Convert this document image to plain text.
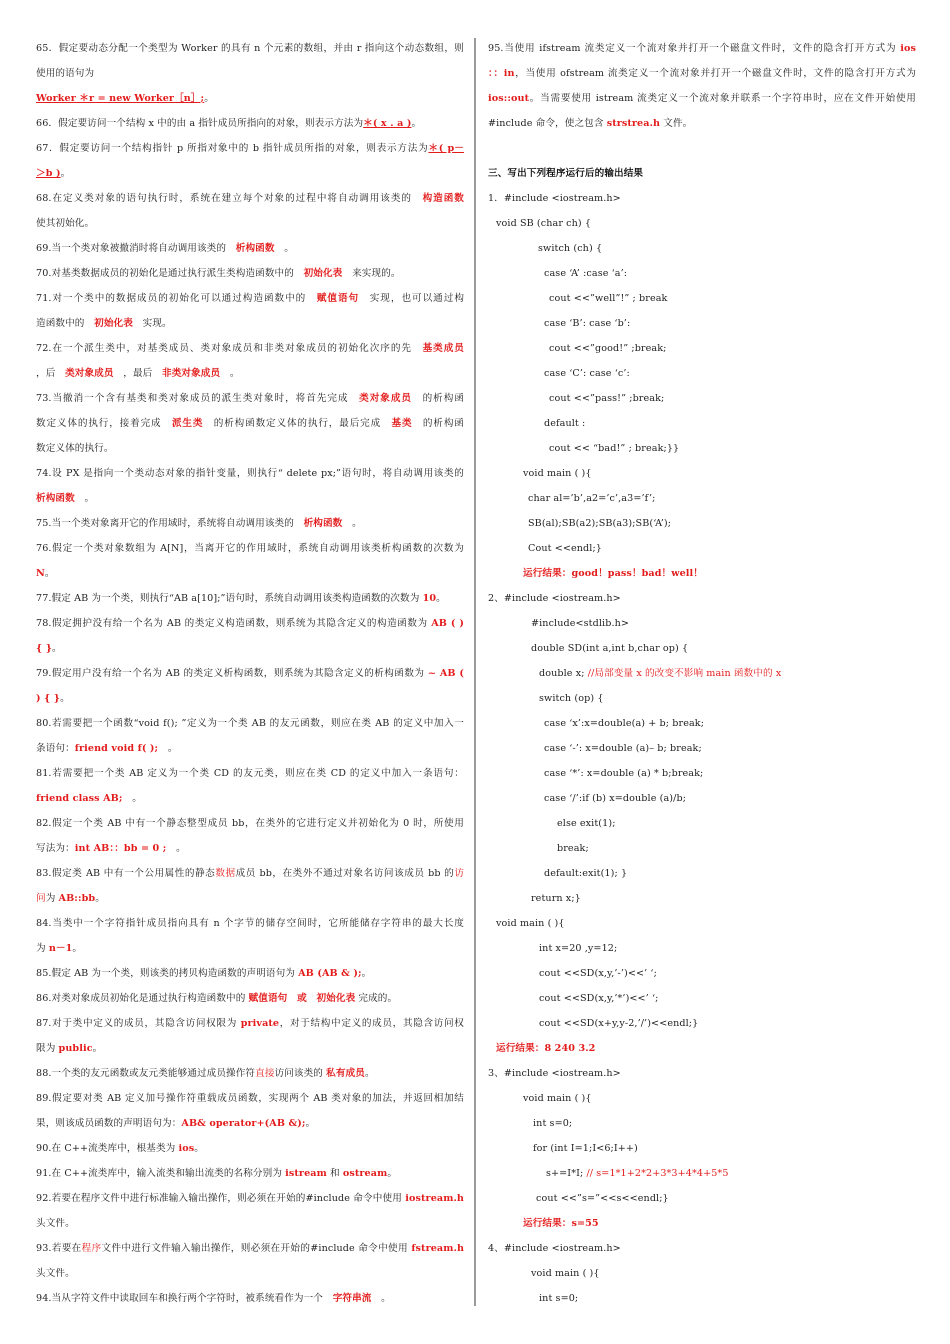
65．假定要动态分配一个类型为 Worker 的具有 n 个元素的数组，并由 r 指向这个动态数组，则
使用的语句为
Worker ＊r = new Worker［n］;。
66．假定要访问一个结构 x 中的由 a 指针成员所指向的对象，则表示方法为＊( x . a )。
67．假定要访问一个结构指针 p 所指对象中的 b 指针成员所指的对象，则表示方法为＊( p－
＞b )。
68.在定义类对象的语句执行时，系统在建立每个对象的过程中将自动调用该类的　构造函数
使其初始化。
69.当一个类对象被撤消时将自动调用该类的　析构函数　。
70.对基类数据成员的初始化是通过执行派生类构造函数中的　初始化表　来实现的。
71.对一个类中的数据成员的初始化可以通过构造函数中的　赋值语句　实现，也可以通过构
造函数中的　初始化表　实现。
72.在一个派生类中，对基类成员、类对象成员和非类对象成员的初始化次序的先　基类成员
，后　类对象成员　，最后　非类对象成员　。
73.当撤消一个含有基类和类对象成员的派生类对象时，将首先完成　类对象成员　的析构函
数定义体的执行，接着完成　派生类　的析构函数定义体的执行，最后完成　基类　的析构函
数定义体的执行。
74.设 PX 是指向一个类动态对象的指针变量，则执行“ delete px;”语句时，将自动调用该类的
析构函数　。
75.当一个类对象离开它的作用域时，系统将自动调用该类的　析构函数　。
76.假定一个类对象数组为 A[N]，当离开它的作用域时，系统自动调用该类析构函数的次数为
N。
77.假定 AB 为一个类，则执行“AB a[10];”语句时，系统自动调用该类构造函数的次数为 10。
78.假定拥护没有给一个名为 AB 的类定义构造函数，则系统为其隐含定义的构造函数为 AB ( )
{ }。
79.假定用户没有给一个名为 AB 的类定义析构函数，则系统为其隐含定义的析构函数为 ~ AB (
) { }。
80.若需要把一个函数“void f(); ”定义为一个类 AB 的友元函数，则应在类 AB 的定义中加入一
条语句：friend void f( );　。
81.若需要把一个类 AB 定义为一个类 CD 的友元类，则应在类 CD 的定义中加入一条语句：
friend class AB;　。
82.假定一个类 AB 中有一个静态整型成员 bb，在类外的它进行定义并初始化为 0 时，所使用
写法为：int AB：：bb = 0 ;　。
83.假定类 AB 中有一个公用属性的静态数据成员 bb，在类外不通过对象名访问该成员 bb 的访
问为 AB::bb。
84.当类中一个字符指针成员指向具有 n 个字节的储存空间时，它所能储存字符串的最大长度
为 n－1。
85.假定 AB 为一个类，则该类的拷贝构造函数的声明语句为 AB (AB & );。
86.对类对象成员初始化是通过执行构造函数中的 赋值语句　 或　 初始化表 完成的。
87.对于类中定义的成员，其隐含访问权限为 private，对于结构中定义的成员，其隐含访问权
限为 public。
88.一个类的友元函数或友元类能够通过成员操作符直接访问该类的 私有成员。
89.假定要对类 AB 定义加号操作符重载成员函数，实现两个 AB 类对象的加法，并返回相加结
果，则该成员函数的声明语句为：AB& operator+(AB &);。
90.在 C++流类库中，根基类为 ios。
91.在 C++流类库中，输入流类和输出流类的名称分别为 istream 和 ostream。
92.若要在程序文件中进行标准输入输出操作，则必须在开始的#include 命令中使用 iostream.h
头文件。
93.若要在程序文件中进行文件输入输出操作，则必须在开始的#include 命令中使用 fstream.h
头文件。
94.当从字符文件中读取回车和换行两个字符时，被系统看作为一个　字符串流　。
95.当使用 ifstream 流类定义一个流对象并打开一个磁盘文件时，文件的隐含打开方式为 ios
：：in，当使用 ofstream 流类定义一个流对象并打开一个磁盘文件时，文件的隐含打开方式为
ios::out。当需要使用 istream 流类定义一个流对象并联系一个字符串时，应在文件开始使用
#include 命令，使之包含 strstrea.h 文件。
三、写出下列程序运行后的输出结果
1．#include <iostream.h>
void SB (char ch) {
switch (ch) {
case ‘A’ :case ‘a’:
cout <<”well”!” ; break
case ‘B’: case ‘b’:
cout <<”good!” ;break;
case ‘C’: case ‘c’:
cout <<”pass!” ;break;
default :
cout << “bad!” ; break;}}
void main ( ){
char al=’b’,a2=’c’,a3=’f’;
SB(al);SB(a2);SB(a3);SB(‘A’);
Cout <<endl;}
运行结果：good！pass！bad！well！
2、#include <iostream.h>
#include<stdlib.h>
double SD(int a,int b,char op) {
double x; //局部变量 x 的改变不影响 main 函数中的 x
switch (op) {
case ‘x’:x=double(a) + b; break;
case ‘-’: x=double (a)– b; break;
case ‘*’: x=double (a) * b;break;
case ‘/’:if (b) x=double (a)/b;
else exit(1);
break;
default:exit(1); }
return x;}
void main ( ){
int x=20 ,y=12;
cout <<SD(x,y,’-’)<<’ ‘;
cout <<SD(x,y,’*’)<<’ ‘;
cout <<SD(x+y,y-2,’/’)<<endl;}
运行结果：8 240 3.2
3、#include <iostream.h>
void main ( ){
int s=0;
for (int I=1;I<6;I++)
s+=I*I; // s=1*1+2*2+3*3+4*4+5*5
cout <<”s=”<<s<<endl;}
运行结果：s=55
4、#include <iostream.h>
void main ( ){
int s=0;
